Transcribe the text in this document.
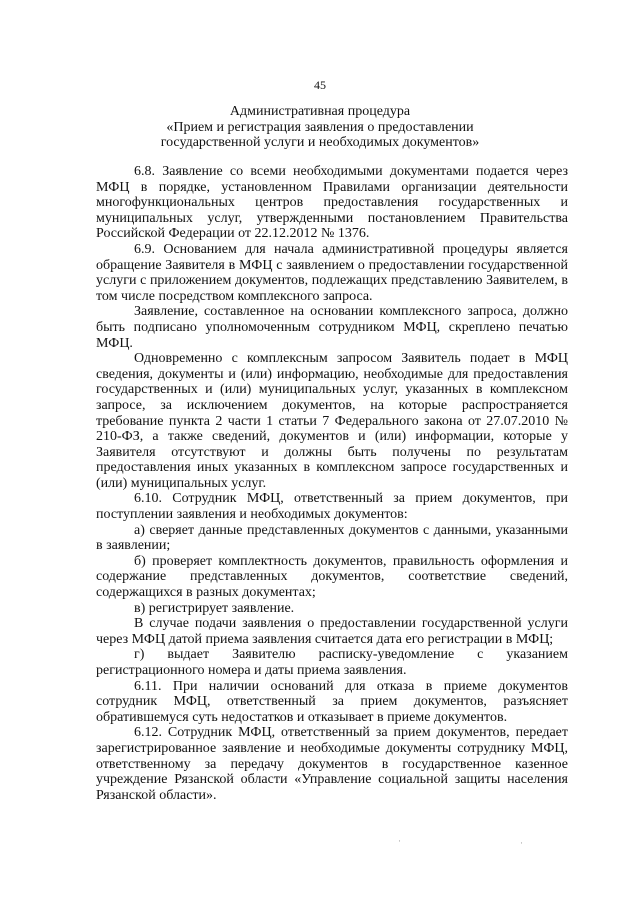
45
Административная процедура
«Прием и регистрация заявления о предоставлении
государственной услуги и необходимых документов»

6.8. Заявление со всеми необходимыми документами подается через МФЦ в порядке, установленном Правилами организации деятельности многофункциональных центров предоставления государственных и муниципальных услуг, утвержденными постановлением Правительства Российской Федерации от 22.12.2012 № 1376.

6.9. Основанием для начала административной процедуры является обращение Заявителя в МФЦ с заявлением о предоставлении государственной услуги с приложением документов, подлежащих представлению Заявителем, в том числе посредством комплексного запроса.

Заявление, составленное на основании комплексного запроса, должно быть подписано уполномоченным сотрудником МФЦ, скреплено печатью МФЦ.

Одновременно с комплексным запросом Заявитель подает в МФЦ сведения, документы и (или) информацию, необходимые для предоставления государственных и (или) муниципальных услуг, указанных в комплексном запросе, за исключением документов, на которые распространяется требование пункта 2 части 1 статьи 7 Федерального закона от 27.07.2010 № 210-ФЗ, а также сведений, документов и (или) информации, которые у Заявителя отсутствуют и должны быть получены по результатам предоставления иных указанных в комплексном запросе государственных и (или) муниципальных услуг.

6.10. Сотрудник МФЦ, ответственный за прием документов, при поступлении заявления и необходимых документов:

а) сверяет данные представленных документов с данными, указанными в заявлении;

б) проверяет комплектность документов, правильность оформления и содержание представленных документов, соответствие сведений, содержащихся в разных документах;

в) регистрирует заявление.

В случае подачи заявления о предоставлении государственной услуги через МФЦ датой приема заявления считается дата его регистрации в МФЦ;

г) выдает Заявителю расписку-уведомление с указанием регистрационного номера и даты приема заявления.

6.11. При наличии оснований для отказа в приеме документов сотрудник МФЦ, ответственный за прием документов, разъясняет обратившемуся суть недостатков и отказывает в приеме документов.

6.12. Сотрудник МФЦ, ответственный за прием документов, передает зарегистрированное заявление и необходимые документы сотруднику МФЦ, ответственному за передачу документов в государственное казенное учреждение Рязанской области «Управление социальной защиты населения Рязанской области».

·	·
